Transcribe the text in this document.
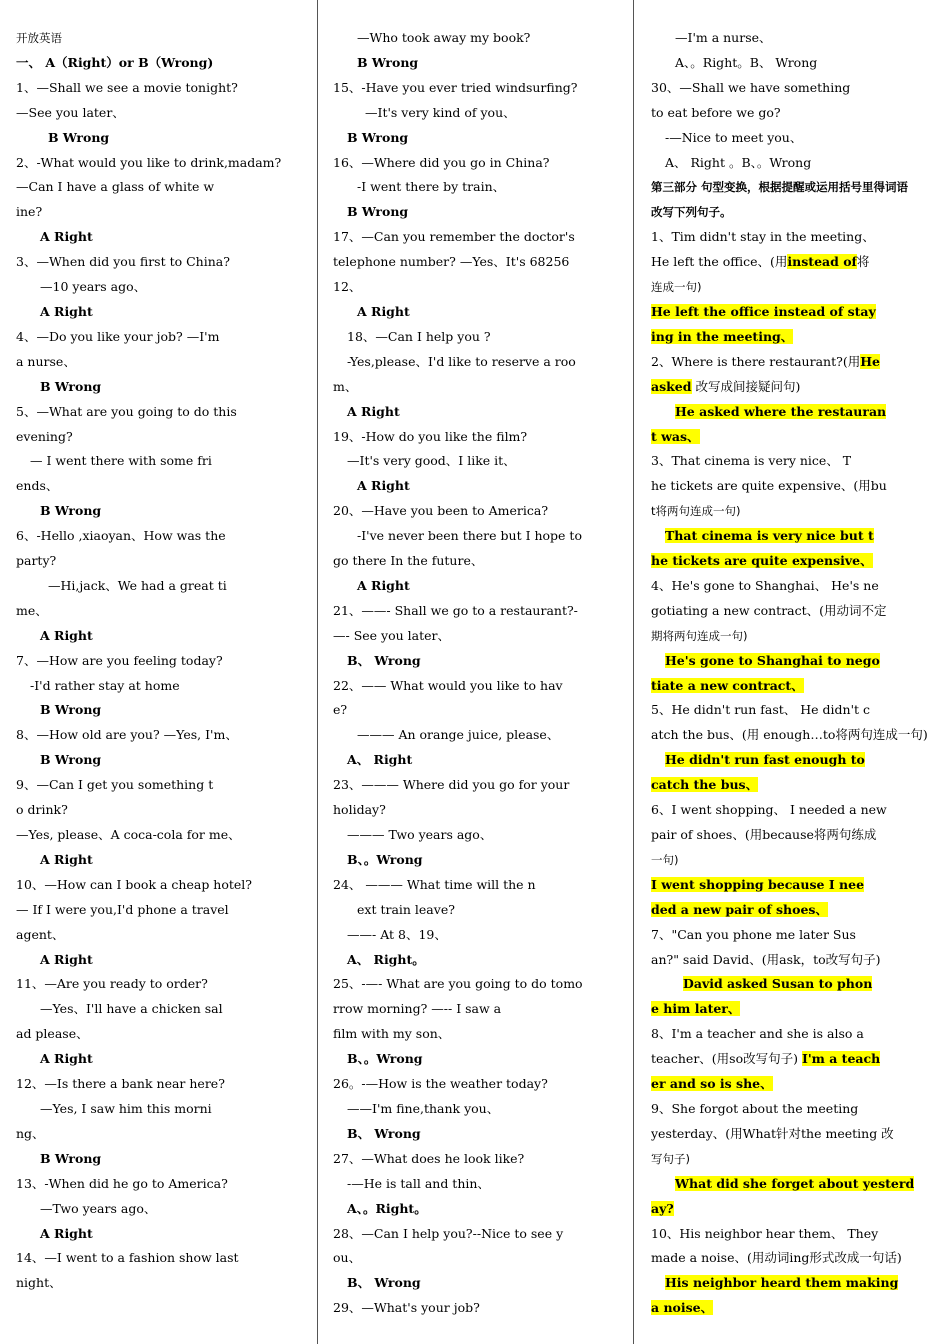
开放英语
一、 A（Right）or B（Wrong)
1、—Shall we see a movie tonight?
—See you later、
B Wrong
2、-What would you like to drink,madam?
—Can I have a glass of white w
ine?
A Right
3、—When did you first to China?
—10 years ago、
A Right
4、—Do you like your job? —I'm
a nurse、
B Wrong
5、—What are you going to do this
evening?
— I went there with some fri
ends、
B Wrong
6、-Hello ,xiaoyan、How was the
party?
—Hi,jack、We had a great ti
me、
A Right
7、—How are you feeling today?
-I'd rather stay at home
B Wrong
8、—How old are you? —Yes, I'm、
B Wrong
9、—Can I get you something t
o drink?
—Yes, please、A coca-cola for me、
A Right
10、—How can I book a cheap hotel?
— If I were you,I'd phone a travel
agent、
A Right
11、—Are you ready to order?
—Yes、I'll have a chicken sal
ad please、
A Right
12、—Is there a bank near here?
—Yes, I saw him this morni
ng、
B Wrong
13、-When did he go to America?
—Two years ago、
A Right
14、—I went to a fashion show last
night、
—Who took away my book?
B Wrong
15、-Have you ever tried windsurfing?
—It's very kind of you、
B Wrong
16、—Where did you go in China?
-I went there by train、
B Wrong
17、—Can you remember the doctor's
telephone number? —Yes、It's 68256
12、
A Right
18、—Can I help you ?
-Yes,please、I'd like to reserve a roo
m、
A Right
19、-How do you like the film?
—It's very good、I like it、
A Right
20、—Have you been to America?
-I've never been there but I hope to
go there In the future、
A Right
21、——- Shall we go to a restaurant?-
—- See you later、
B、 Wrong
22、—— What would you like to hav
e?
——— An orange juice, please、
A、 Right
23、——— Where did you go for your
holiday?
——— Two years ago、
B、。Wrong
24、 ——— What time will the n
ext train leave?
——- At 8、19、
A、 Right。
25、-—- What are you going to do tomo
rrow morning? —-- I saw a
film with my son、
B、。Wrong
26。-—How is the weather today?
——I'm fine,thank you、
B、 Wrong
27、—What does he look like?
-—He is tall and thin、
A、。Right。
28、—Can I help you?--Nice to see y
ou、
B、 Wrong
29、—What's your job?
—I'm a nurse、
A、。Right。B、 Wrong
30、—Shall we have something
to eat before we go?
-—Nice to meet you、
A、 Right 。B、。Wrong
第三部分 句型变换，根据提醒或运用括号里得词语
改写下列句子。
1、Tim didn't stay in the meeting、
He left the office、(用instead of将
连成一句)
He left the office instead of stay
ing in the meeting、
2、Where is there restaurant?(用He
asked 改写成间接疑问句)
He asked where the restauran
t was、
3、That cinema is very nice、 T
he tickets are quite expensive、(用bu
t将两句连成一句)
That cinema is very nice but t
he tickets are quite expensive、
4、He's gone to Shanghai、 He's ne
gotiating a new contract、(用动词不定
期将两句连成一句)
He's gone to Shanghai to nego
tiate a new contract、
5、He didn't run fast、 He didn't c
atch the bus、(用 enough…to将两句连成一句)
He didn't run fast enough to
catch the bus、
6、I went shopping、 I needed a new
pair of shoes、(用because将两句练成
一句)
I went shopping because I nee
ded a new pair of shoes、
7、"Can you phone me later Sus
an?" said David、(用ask，to改写句子)
David asked Susan to phon
e him later、
8、I'm a teacher and she is also a
teacher、(用so改写句子) I'm a teach
er and so is she、
9、She forgot about the meeting
yesterday、(用What针对the meeting 改
写句子)
What did she forget about yesterd
ay?
10、His neighbor hear them、 They
made a noise、(用动词ing形式改成一句话)
His neighbor heard them making
a noise、
